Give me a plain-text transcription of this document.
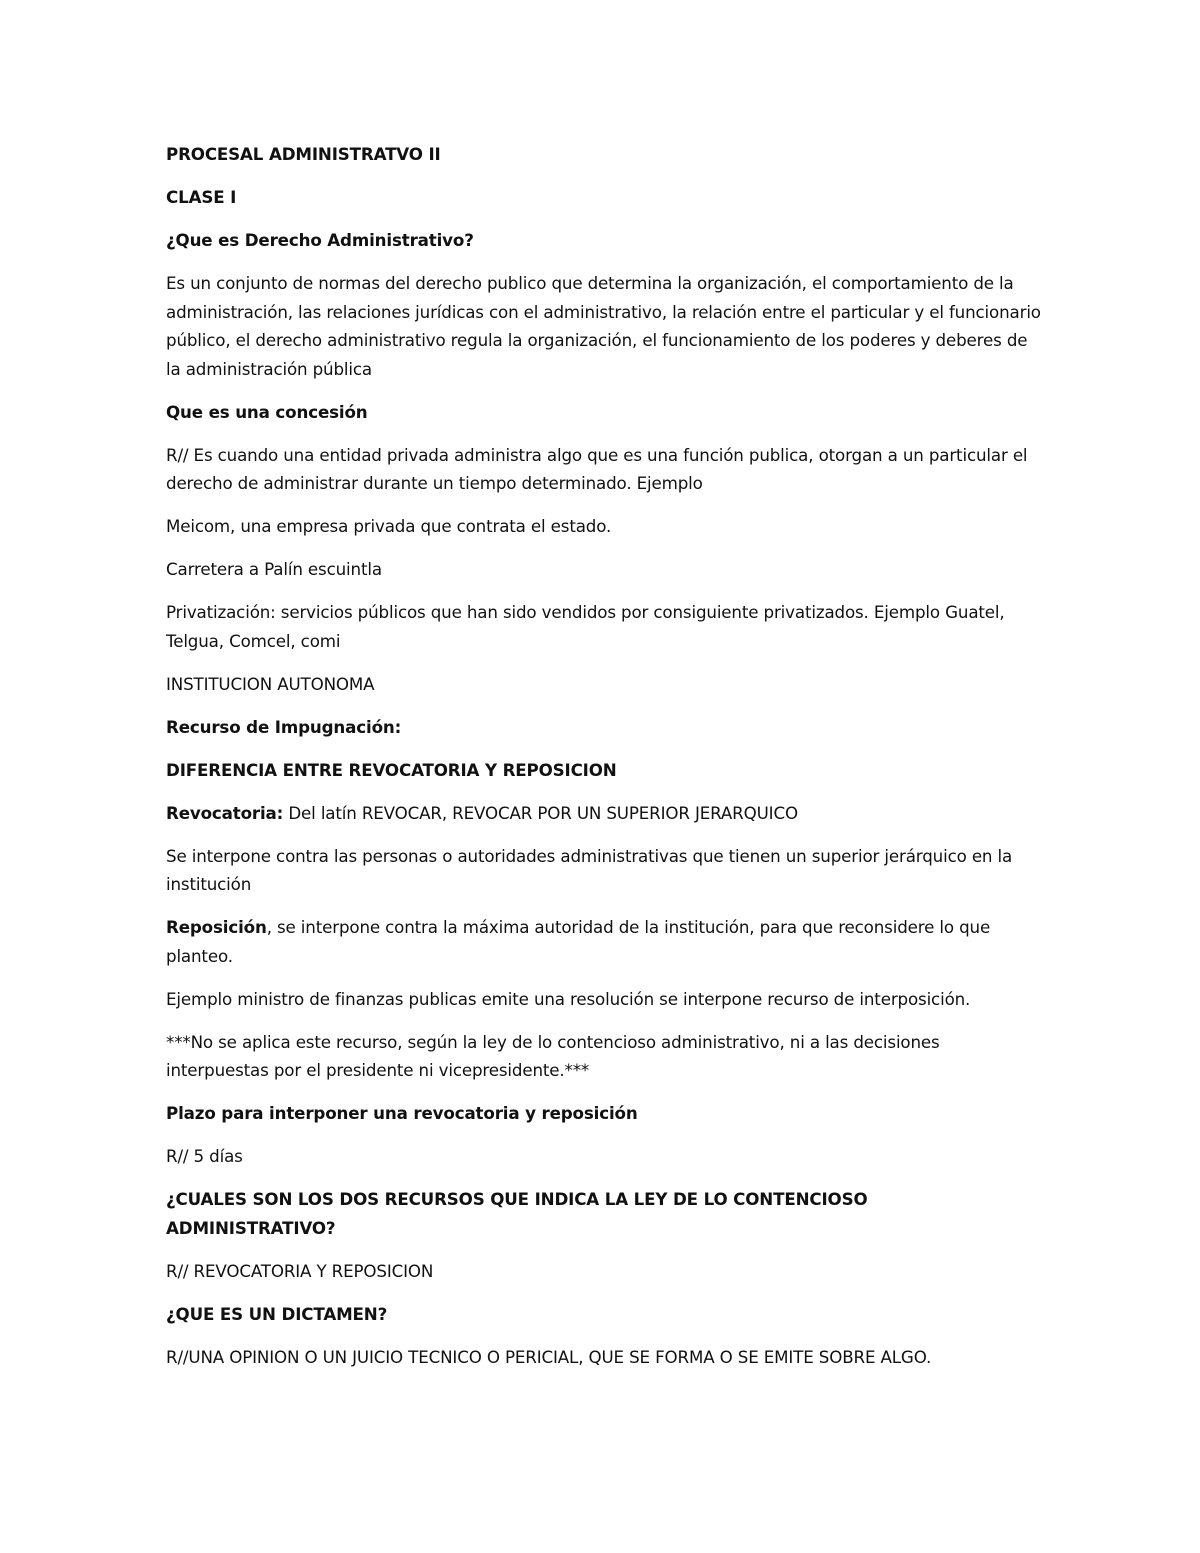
PROCESAL ADMINISTRATVO II

CLASE I

¿Que es Derecho Administrativo?

Es un conjunto de normas del derecho publico que determina la organización, el comportamiento de la administración, las relaciones jurídicas con el administrativo, la relación entre el particular y el funcionario público, el derecho administrativo regula la organización, el funcionamiento de los poderes y deberes de la administración pública

Que es una concesión

R// Es cuando una entidad privada administra algo que es una función publica, otorgan a un particular el derecho de administrar durante un tiempo determinado. Ejemplo

Meicom, una empresa privada que contrata el estado.

Carretera a Palín escuintla

Privatización: servicios públicos que han sido vendidos por consiguiente privatizados. Ejemplo Guatel, Telgua, Comcel, comi

INSTITUCION AUTONOMA

Recurso de Impugnación:

DIFERENCIA ENTRE REVOCATORIA Y REPOSICION

Revocatoria: Del latín REVOCAR, REVOCAR POR UN SUPERIOR JERARQUICO

Se interpone contra las personas o autoridades administrativas que tienen un superior jerárquico en la institución

Reposición, se interpone contra la máxima autoridad de la institución, para que reconsidere lo que planteo.

Ejemplo ministro de finanzas publicas emite una resolución se interpone recurso de interposición.

***No se aplica este recurso, según la ley de lo contencioso administrativo, ni a las decisiones interpuestas por el presidente ni vicepresidente.***

Plazo para interponer una revocatoria y reposición

R// 5 días

¿CUALES SON LOS DOS RECURSOS QUE INDICA LA LEY DE LO CONTENCIOSO ADMINISTRATIVO?

R// REVOCATORIA Y REPOSICION

¿QUE ES UN DICTAMEN?

R//UNA OPINION O UN JUICIO TECNICO O PERICIAL, QUE SE FORMA O SE EMITE SOBRE ALGO.
